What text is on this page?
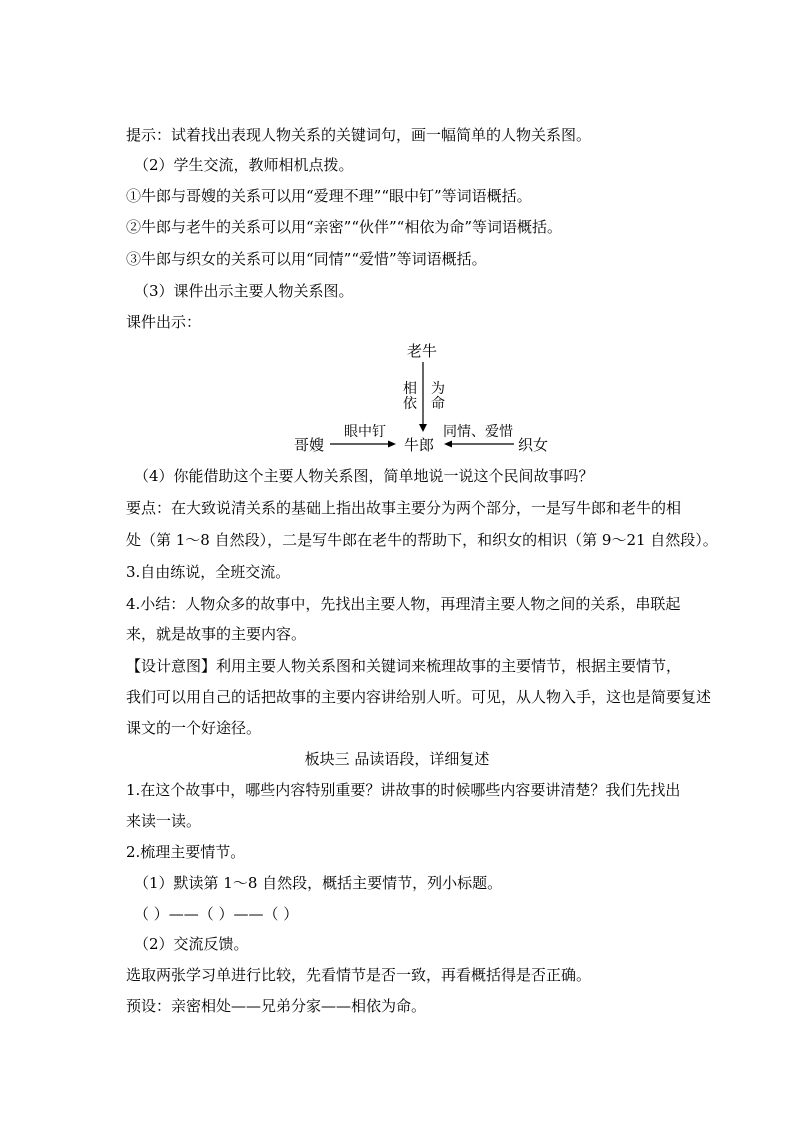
提示：试着找出表现人物关系的关键词句，画一幅简单的人物关系图。
（2）学生交流，教师相机点拨。
①牛郎与哥嫂的关系可以用“爱理不理”“眼中钉”等词语概括。
②牛郎与老牛的关系可以用“亲密”“伙伴”“相依为命”等词语概括。
③牛郎与织女的关系可以用“同情”“爱惜”等词语概括。
（3）课件出示主要人物关系图。
课件出示：
老牛
相依
为命
哥嫂
眼中钉
牛郎
同情、爱惜
织女
（4）你能借助这个主要人物关系图，简单地说一说这个民间故事吗？
要点：在大致说清关系的基础上指出故事主要分为两个部分，一是写牛郎和老牛的相
处（第 1～8 自然段），二是写牛郎在老牛的帮助下，和织女的相识（第 9～21 自然段）。
3.自由练说，全班交流。
4.小结：人物众多的故事中，先找出主要人物，再理清主要人物之间的关系，串联起
来，就是故事的主要内容。
【设计意图】利用主要人物关系图和关键词来梳理故事的主要情节，根据主要情节，
我们可以用自己的话把故事的主要内容讲给别人听。可见，从人物入手，这也是简要复述
课文的一个好途径。
板块三 品读语段，详细复述
1.在这个故事中，哪些内容特别重要？讲故事的时候哪些内容要讲清楚？我们先找出
来读一读。
2.梳理主要情节。
（1）默读第 1～8 自然段，概括主要情节，列小标题。
（ ）——（ ）——（ ）
（2）交流反馈。
选取两张学习单进行比较，先看情节是否一致，再看概括得是否正确。
预设：亲密相处——兄弟分家——相依为命。
